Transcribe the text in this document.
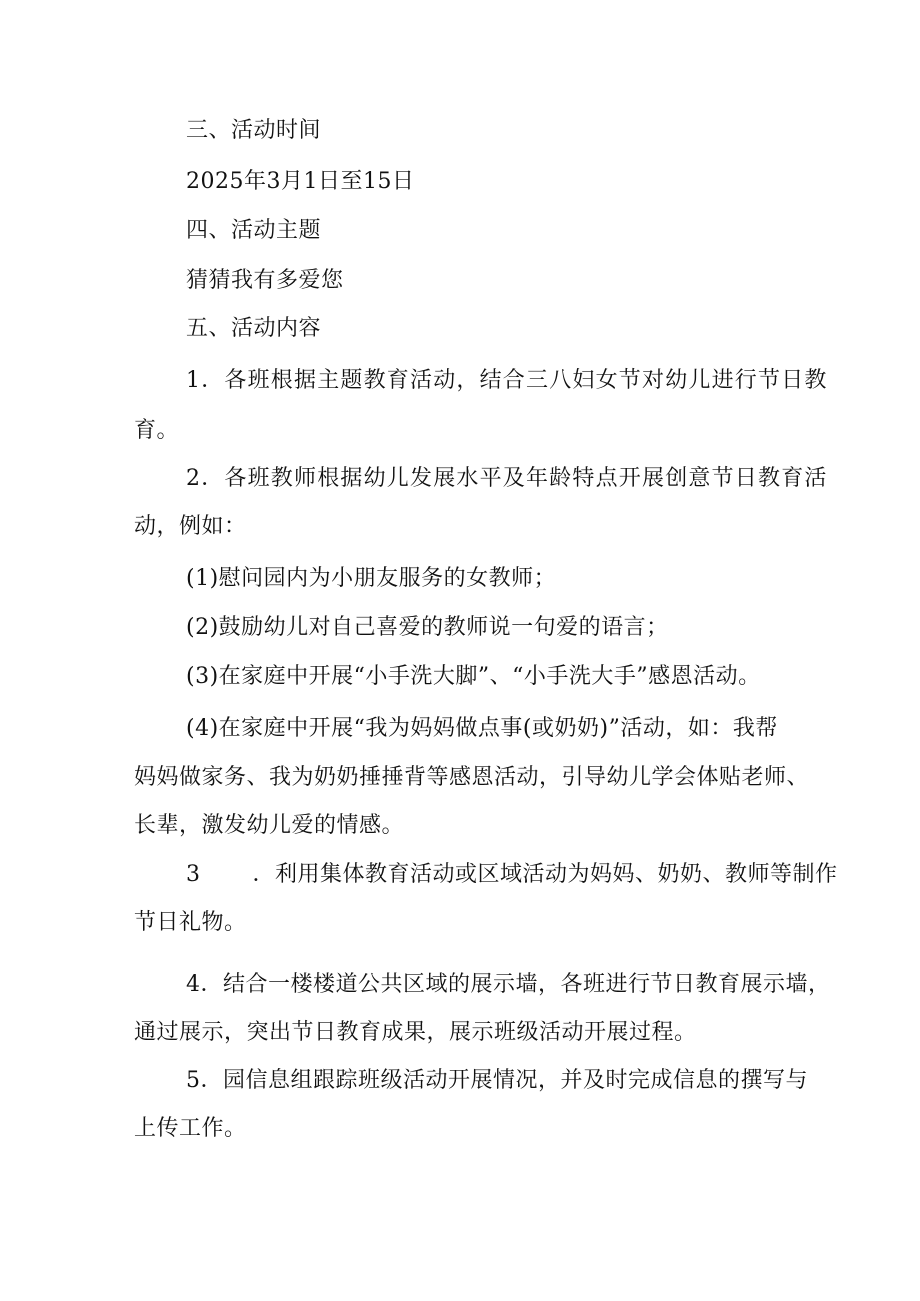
三、活动时间
2025年3月1日至15日
四、活动主题
猜猜我有多爱您
五、活动内容
1．各班根据主题教育活动，结合三八妇女节对幼儿进行节日教
育。
2．各班教师根据幼儿发展水平及年龄特点开展创意节日教育活
动，例如：
(1)慰问园内为小朋友服务的女教师；
(2)鼓励幼儿对自己喜爱的教师说一句爱的语言；
(3)在家庭中开展“小手洗大脚”、“小手洗大手”感恩活动。
(4)在家庭中开展“我为妈妈做点事(或奶奶)”活动，如：我帮
妈妈做家务、我为奶奶捶捶背等感恩活动，引导幼儿学会体贴老师、
长辈，激发幼儿爱的情感。
3 ．利用集体教育活动或区域活动为妈妈、奶奶、教师等制作
节日礼物。
4．结合一楼楼道公共区域的展示墙，各班进行节日教育展示墙，
通过展示，突出节日教育成果，展示班级活动开展过程。
5．园信息组跟踪班级活动开展情况，并及时完成信息的撰写与
上传工作。
